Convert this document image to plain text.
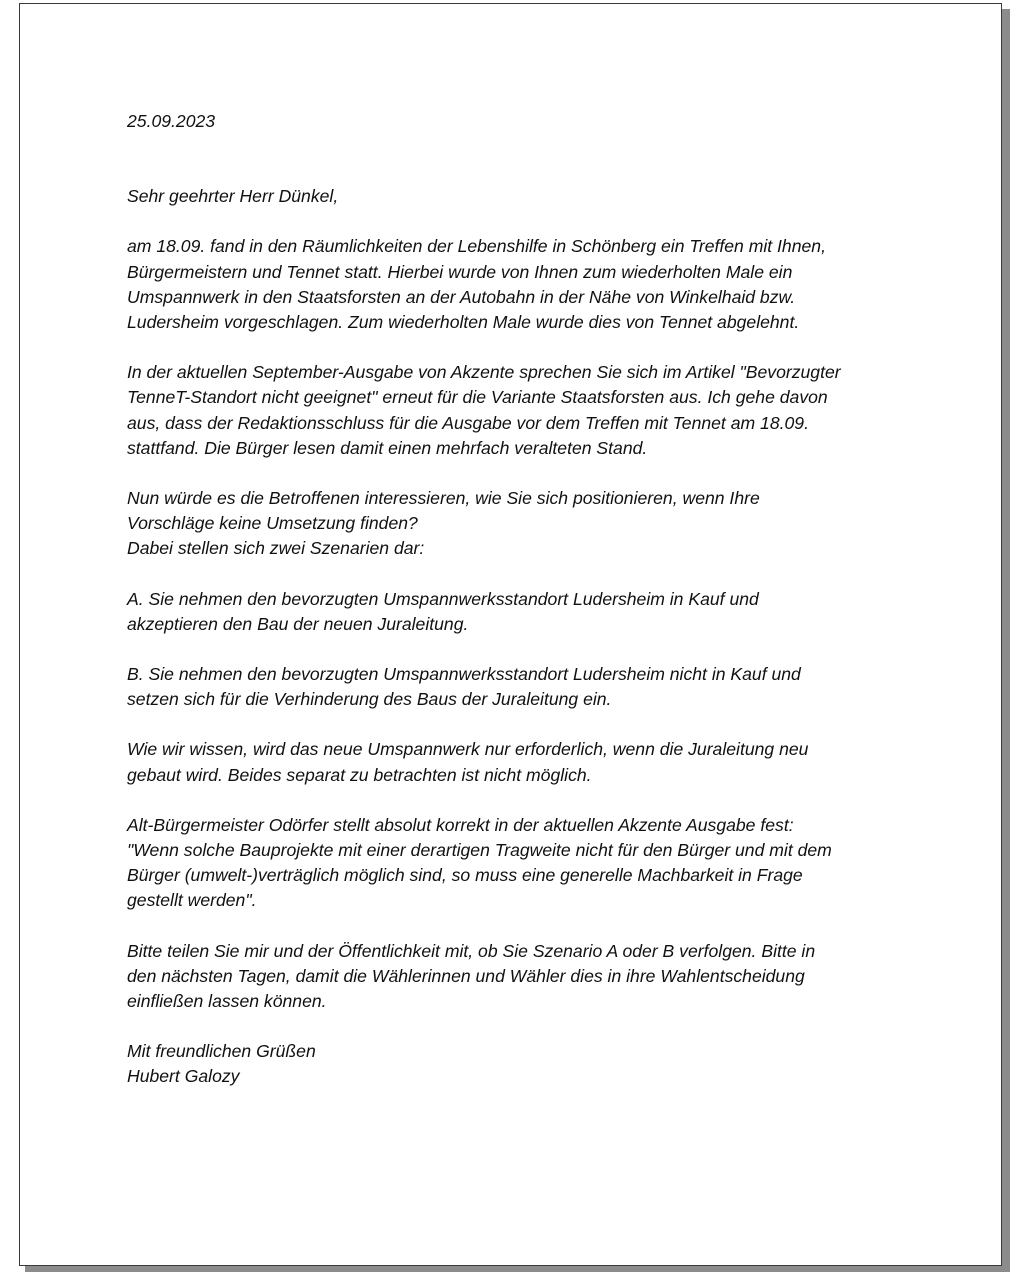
25.09.2023
Sehr geehrter Herr Dünkel,
am 18.09. fand in den Räumlichkeiten der Lebenshilfe in Schönberg ein Treffen mit Ihnen,
Bürgermeistern und Tennet statt. Hierbei wurde von Ihnen zum wiederholten Male ein
Umspannwerk in den Staatsforsten an der Autobahn in der Nähe von Winkelhaid bzw.
Ludersheim vorgeschlagen. Zum wiederholten Male wurde dies von Tennet abgelehnt.
In der aktuellen September-Ausgabe von Akzente sprechen Sie sich im Artikel "Bevorzugter
TenneT-Standort nicht geeignet" erneut für die Variante Staatsforsten aus. Ich gehe davon
aus, dass der Redaktionsschluss für die Ausgabe vor dem Treffen mit Tennet am 18.09.
stattfand. Die Bürger lesen damit einen mehrfach veralteten Stand.
Nun würde es die Betroffenen interessieren, wie Sie sich positionieren, wenn Ihre
Vorschläge keine Umsetzung finden?
Dabei stellen sich zwei Szenarien dar:
A. Sie nehmen den bevorzugten Umspannwerksstandort Ludersheim in Kauf und
akzeptieren den Bau der neuen Juraleitung.
B. Sie nehmen den bevorzugten Umspannwerksstandort Ludersheim nicht in Kauf und
setzen sich für die Verhinderung des Baus der Juraleitung ein.
Wie wir wissen, wird das neue Umspannwerk nur erforderlich, wenn die Juraleitung neu
gebaut wird. Beides separat zu betrachten ist nicht möglich.
Alt-Bürgermeister Odörfer stellt absolut korrekt in der aktuellen Akzente Ausgabe fest:
"Wenn solche Bauprojekte mit einer derartigen Tragweite nicht für den Bürger und mit dem
Bürger (umwelt-)verträglich möglich sind, so muss eine generelle Machbarkeit in Frage
gestellt werden".
Bitte teilen Sie mir und der Öffentlichkeit mit, ob Sie Szenario A oder B verfolgen. Bitte in
den nächsten Tagen, damit die Wählerinnen und Wähler dies in ihre Wahlentscheidung
einfließen lassen können.
Mit freundlichen Grüßen
Hubert Galozy
